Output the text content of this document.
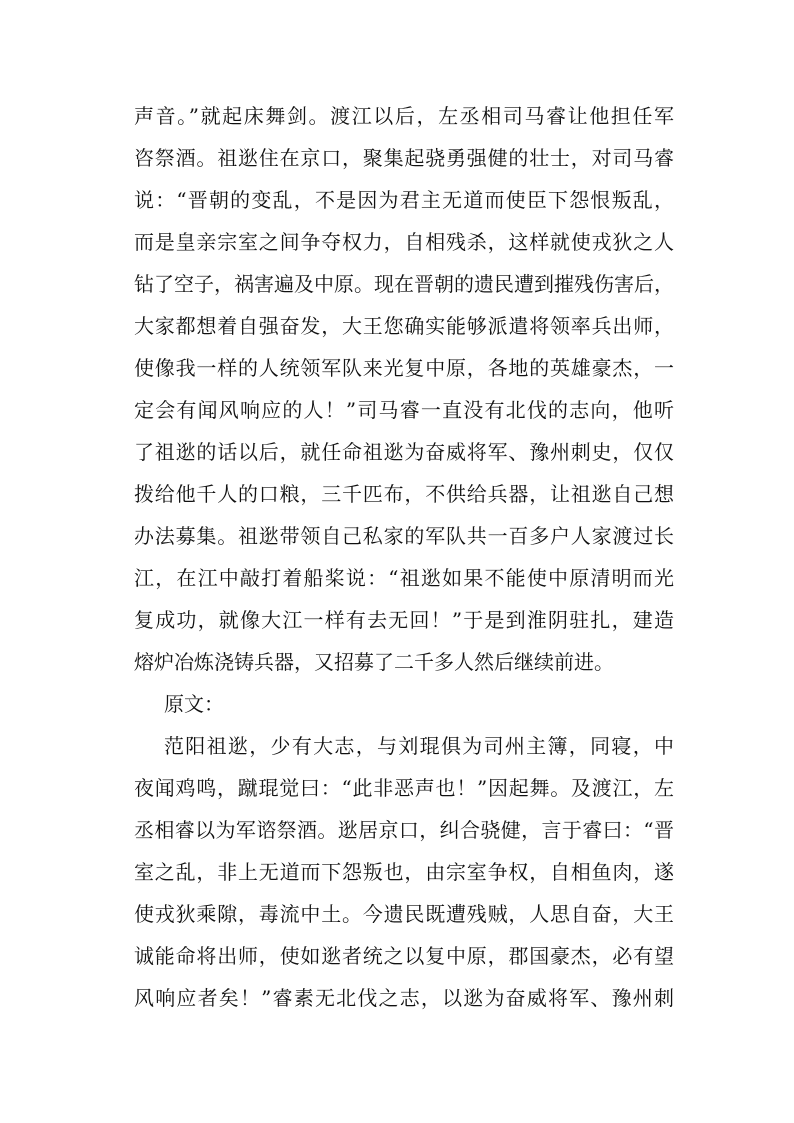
声音。”就起床舞剑。渡江以后，左丞相司马睿让他担任军
咨祭酒。祖逖住在京口，聚集起骁勇强健的壮士，对司马睿
说：“晋朝的变乱，不是因为君主无道而使臣下怨恨叛乱，
而是皇亲宗室之间争夺权力，自相残杀，这样就使戎狄之人
钻了空子，祸害遍及中原。现在晋朝的遗民遭到摧残伤害后，
大家都想着自强奋发，大王您确实能够派遣将领率兵出师，
使像我一样的人统领军队来光复中原，各地的英雄豪杰，一
定会有闻风响应的人！”司马睿一直没有北伐的志向，他听
了祖逖的话以后，就任命祖逖为奋威将军、豫州刺史，仅仅
拨给他千人的口粮，三千匹布，不供给兵器，让祖逖自己想
办法募集。祖逖带领自己私家的军队共一百多户人家渡过长
江，在江中敲打着船桨说：“祖逖如果不能使中原清明而光
复成功，就像大江一样有去无回！”于是到淮阴驻扎，建造
熔炉冶炼浇铸兵器，又招募了二千多人然后继续前进。
原文：
范阳祖逖，少有大志，与刘琨俱为司州主簿，同寝，中
夜闻鸡鸣，蹴琨觉曰：“此非恶声也！”因起舞。及渡江，左
丞相睿以为军谘祭酒。逖居京口，纠合骁健，言于睿曰：“晋
室之乱，非上无道而下怨叛也，由宗室争权，自相鱼肉，遂
使戎狄乘隙，毒流中土。今遗民既遭残贼，人思自奋，大王
诚能命将出师，使如逖者统之以复中原，郡国豪杰，必有望
风响应者矣！”睿素无北伐之志，以逖为奋威将军、豫州刺
